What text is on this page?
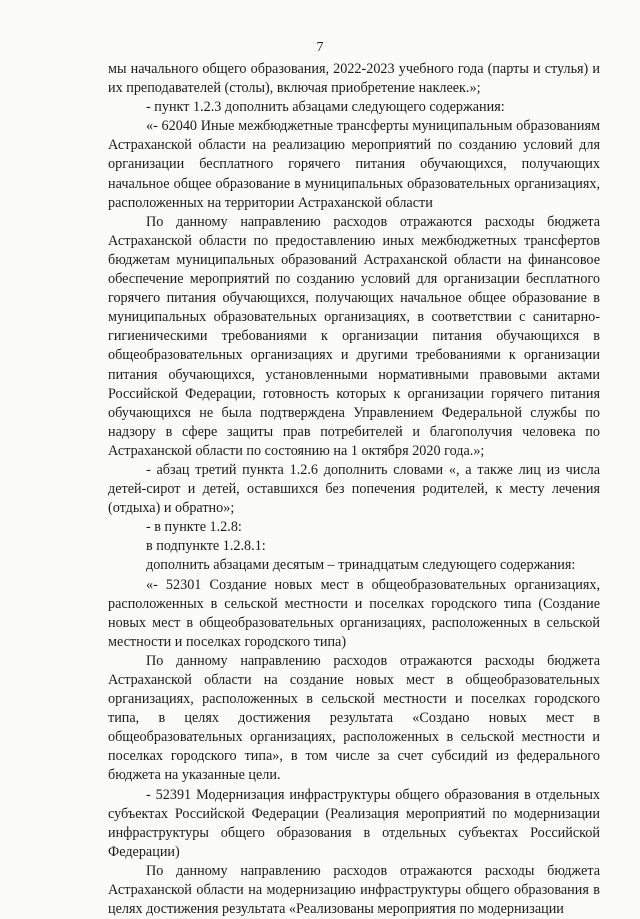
7

мы начального общего образования, 2022-2023 учебного года (парты и стулья) и их преподавателей (столы), включая приобретение наклеек.»;

- пункт 1.2.3 дополнить абзацами следующего содержания:

«- 62040 Иные межбюджетные трансферты муниципальным образованиям Астраханской области на реализацию мероприятий по созданию условий для организации бесплатного горячего питания обучающихся, получающих начальное общее образование в муниципальных образовательных организациях, расположенных на территории Астраханской области

По данному направлению расходов отражаются расходы бюджета Астраханской области по предоставлению иных межбюджетных трансфертов бюджетам муниципальных образований Астраханской области на финансовое обеспечение мероприятий по созданию условий для организации бесплатного горячего питания обучающихся, получающих начальное общее образование в муниципальных образовательных организациях, в соответствии с санитарно-гигиеническими требованиями к организации питания обучающихся в общеобразовательных организациях и другими требованиями к организации питания обучающихся, установленными нормативными правовыми актами Российской Федерации, готовность которых к организации горячего питания обучающихся не была подтверждена Управлением Федеральной службы по надзору в сфере защиты прав потребителей и благополучия человека по Астраханской области по состоянию на 1 октября 2020 года.»;

- абзац третий пункта 1.2.6 дополнить словами «, а также лиц из числа детей-сирот и детей, оставшихся без попечения родителей, к месту лечения (отдыха) и обратно»;

- в пункте 1.2.8:

в подпункте 1.2.8.1:

дополнить абзацами десятым – тринадцатым следующего содержания:

«- 52301 Создание новых мест в общеобразовательных организациях, расположенных в сельской местности и поселках городского типа (Создание новых мест в общеобразовательных организациях, расположенных в сельской местности и поселках городского типа)

По данному направлению расходов отражаются расходы бюджета Астраханской области на создание новых мест в общеобразовательных организациях, расположенных в сельской местности и поселках городского типа, в целях достижения результата «Создано новых мест в общеобразовательных организациях, расположенных в сельской местности и поселках городского типа», в том числе за счет субсидий из федерального бюджета на указанные цели.

- 52391 Модернизация инфраструктуры общего образования в отдельных субъектах Российской Федерации (Реализация мероприятий по модернизации инфраструктуры общего образования в отдельных субъектах Российской Федерации)

По данному направлению расходов отражаются расходы бюджета Астраханской области на модернизацию инфраструктуры общего образования в целях достижения результата «Реализованы мероприятия по модернизации
